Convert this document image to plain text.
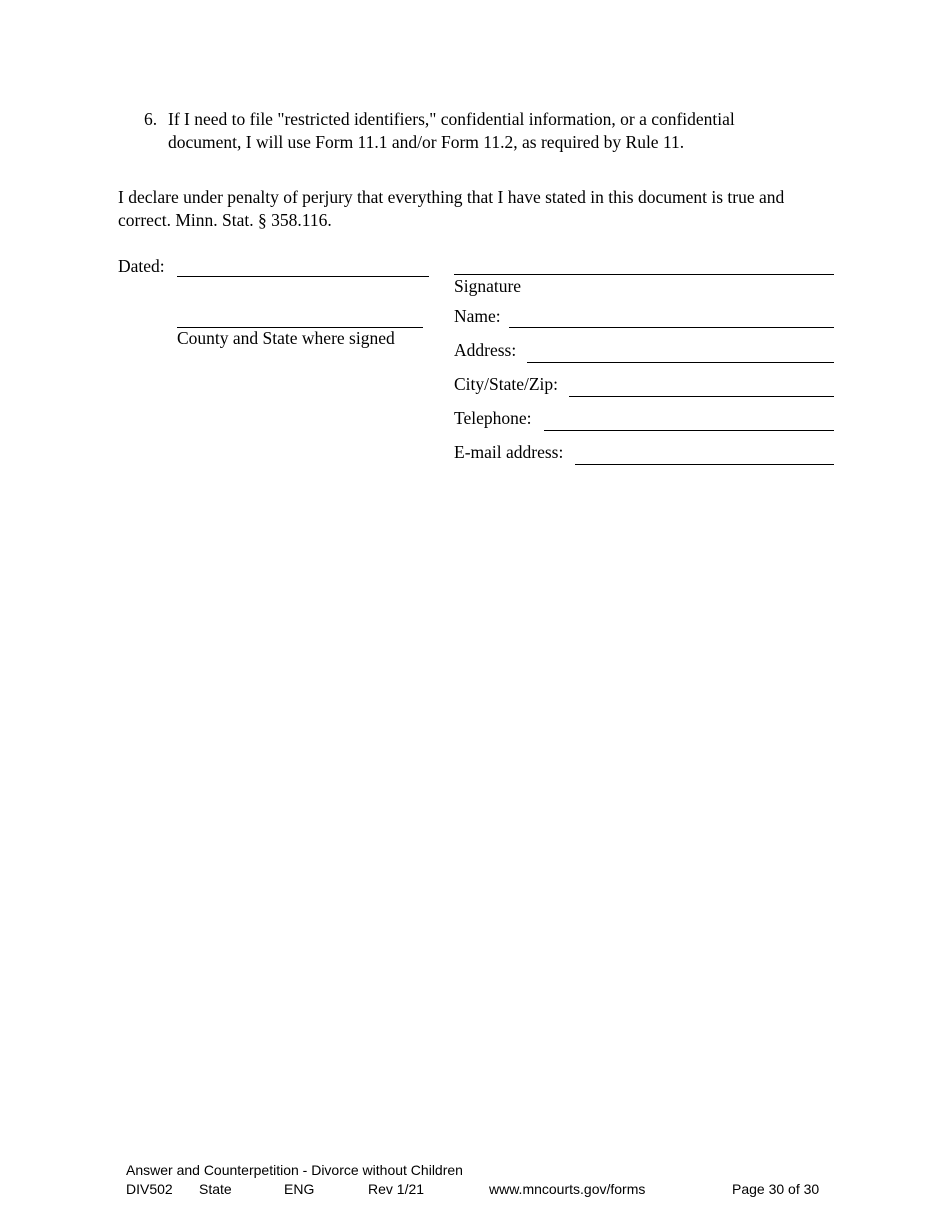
6. If I need to file "restricted identifiers," confidential information, or a confidential
document, I will use Form 11.1 and/or Form 11.2, as required by Rule 11.
I declare under penalty of perjury that everything that I have stated in this document is true and
correct. Minn. Stat. § 358.116.
Dated:
County and State where signed
Signature
Name:
Address:
City/State/Zip:
Telephone:
E-mail address:
Answer and Counterpetition - Divorce without Children
DIV502 State	ENG	Rev 1/21	www.mncourts.gov/forms	Page 30 of 30
